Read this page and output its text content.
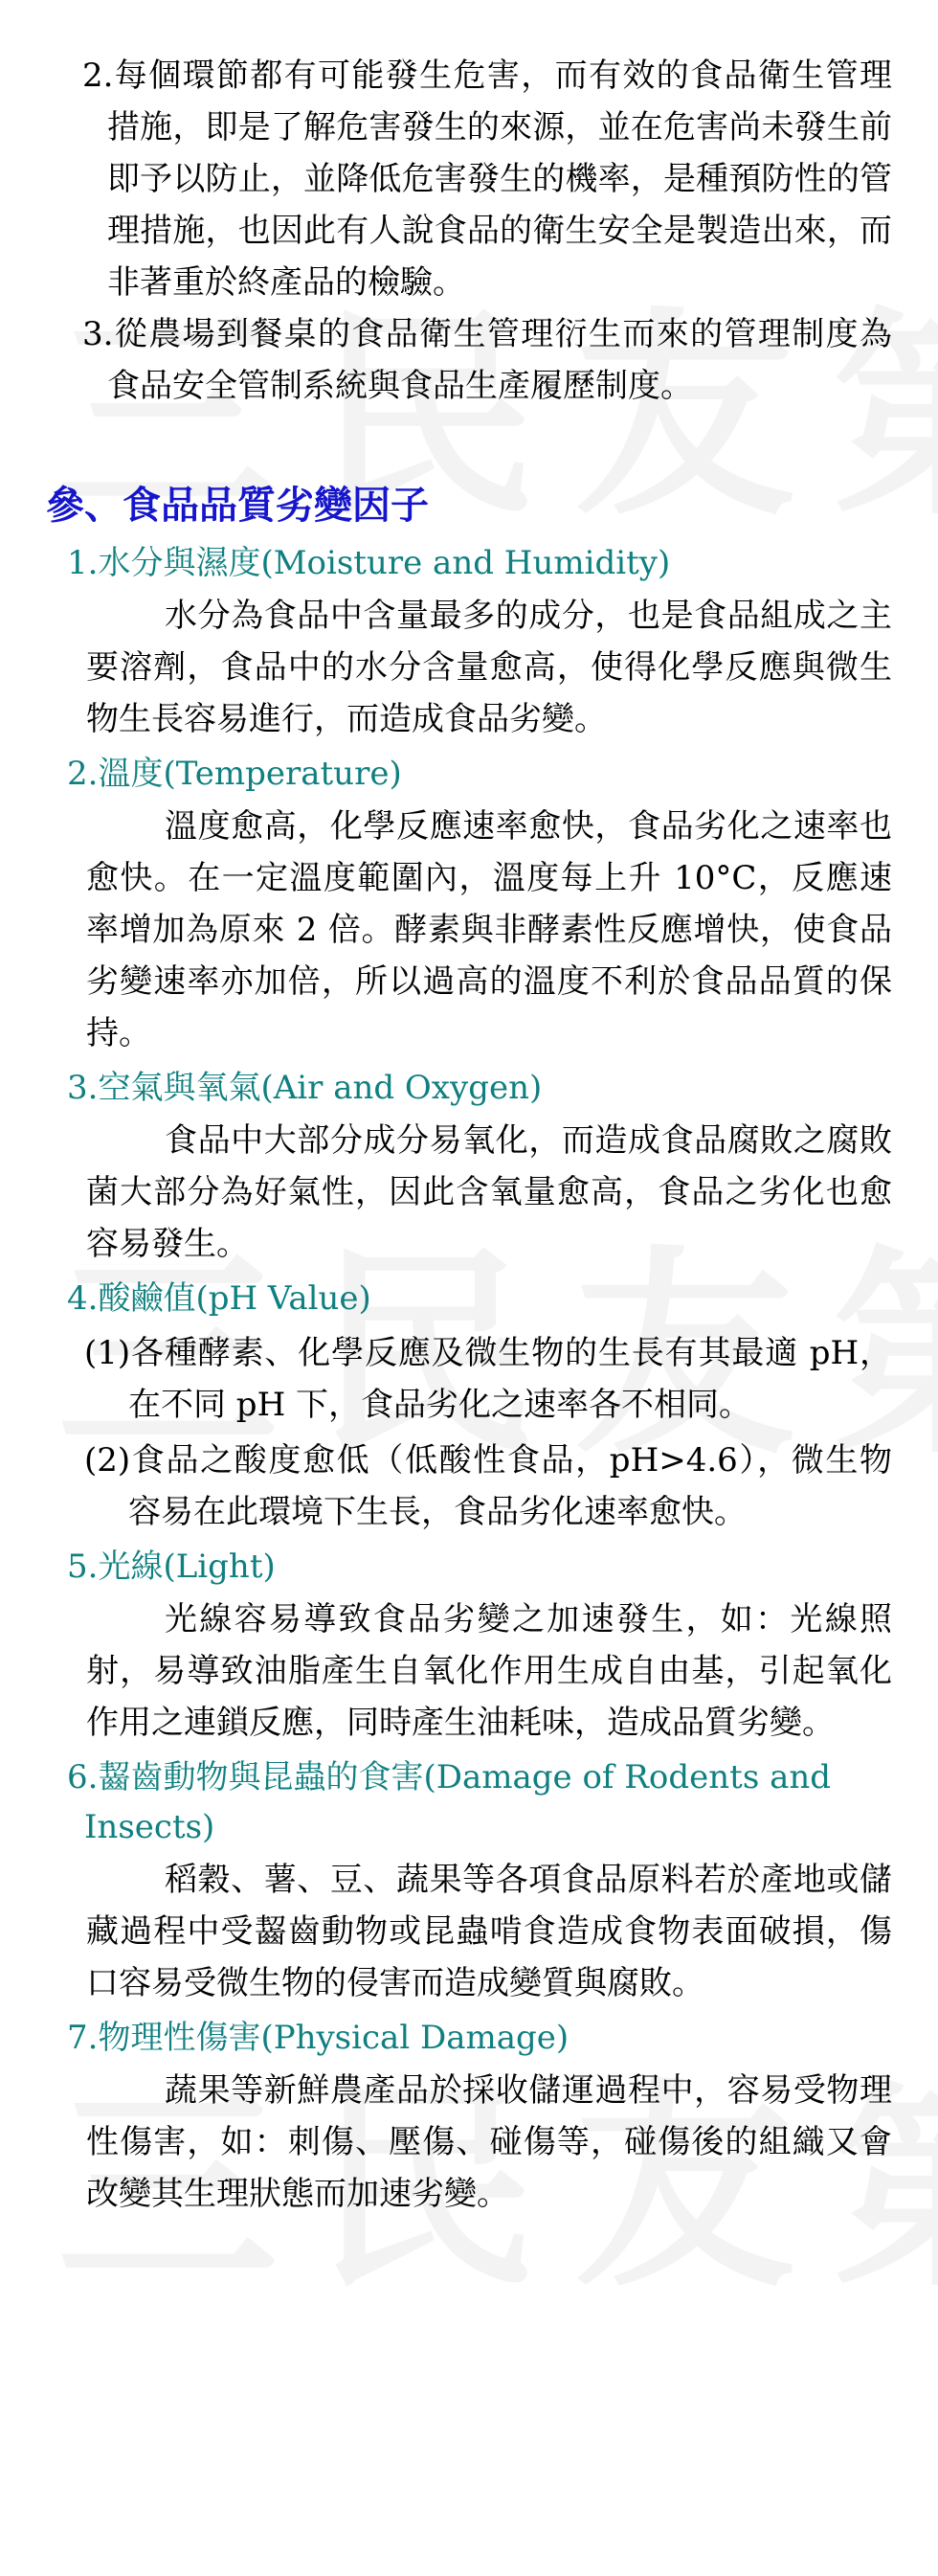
2.每個環節都有可能發生危害，而有效的食品衛生管理措施，即是了解危害發生的來源，並在危害尚未發生前即予以防止，並降低危害發生的機率，是種預防性的管理措施，也因此有人說食品的衛生安全是製造出來，而非著重於終產品的檢驗。

3.從農場到餐桌的食品衛生管理衍生而來的管理制度為食品安全管制系統與食品生產履歷制度。

參、食品品質劣變因子
1.水分與濕度(Moisture and Humidity)

水分為食品中含量最多的成分，也是食品組成之主要溶劑，食品中的水分含量愈高，使得化學反應與微生物生長容易進行，而造成食品劣變。

2.溫度(Temperature)

溫度愈高，化學反應速率愈快，食品劣化之速率也愈快。在一定溫度範圍內，溫度每上升 10°C，反應速率增加為原來 2 倍。酵素與非酵素性反應增快，使食品劣變速率亦加倍，所以過高的溫度不利於食品品質的保持。

3.空氣與氧氣(Air and Oxygen)

食品中大部分成分易氧化，而造成食品腐敗之腐敗菌大部分為好氣性，因此含氧量愈高，食品之劣化也愈容易發生。

4.酸鹼值(pH Value)

(1)各種酵素、化學反應及微生物的生長有其最適 pH，在不同 pH 下，食品劣化之速率各不相同。

(2)食品之酸度愈低（低酸性食品，pH>4.6），微生物容易在此環境下生長，食品劣化速率愈快。

5.光線(Light)

光線容易導致食品劣變之加速發生，如：光線照射，易導致油脂產生自氧化作用生成自由基，引起氧化作用之連鎖反應，同時產生油耗味，造成品質劣變。

6.齧齒動物與昆蟲的食害(Damage of Rodents and Insects)

稻穀、薯、豆、蔬果等各項食品原料若於產地或儲藏過程中受齧齒動物或昆蟲啃食造成食物表面破損，傷口容易受微生物的侵害而造成變質與腐敗。

7.物理性傷害(Physical Damage)

蔬果等新鮮農產品於採收儲運過程中，容易受物理性傷害，如：刺傷、壓傷、碰傷等，碰傷後的組織又會改變其生理狀態而加速劣變。
